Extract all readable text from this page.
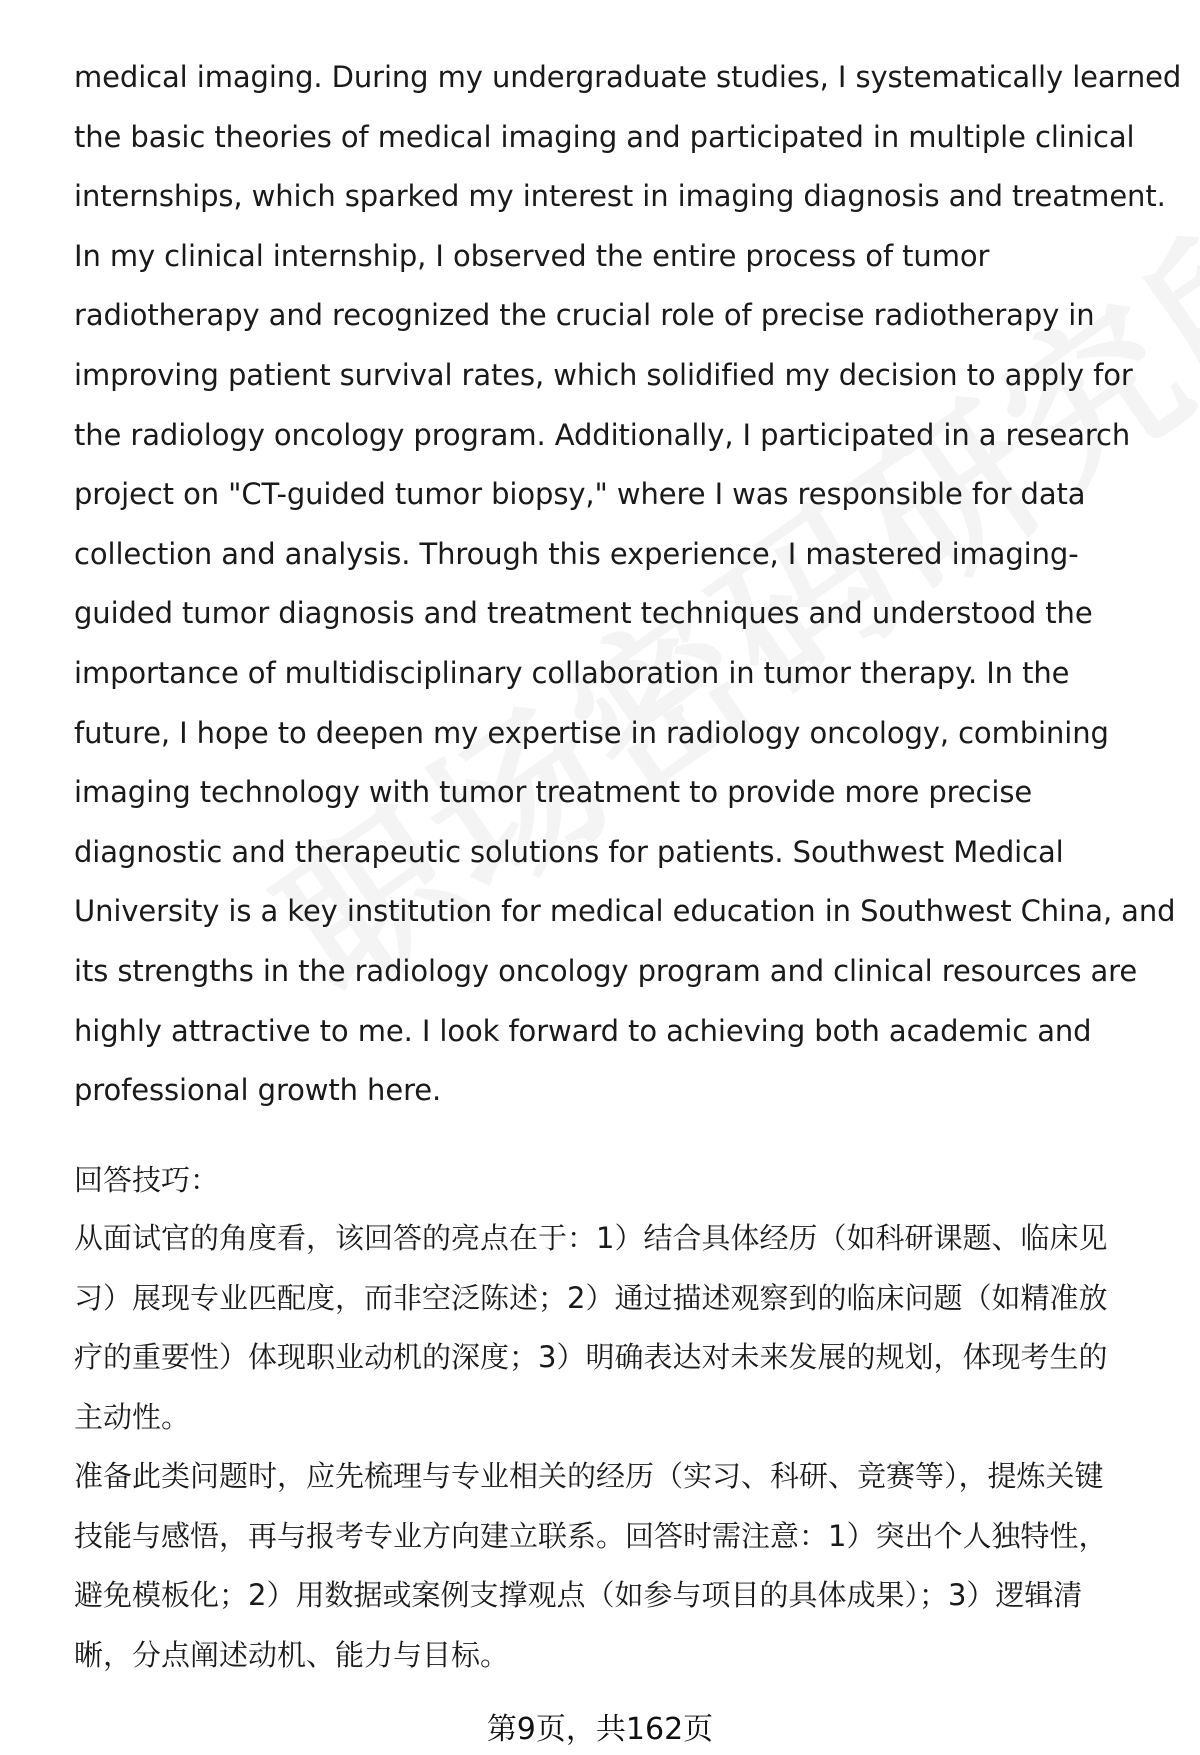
medical imaging. During my undergraduate studies, I systematically learned
the basic theories of medical imaging and participated in multiple clinical
internships, which sparked my interest in imaging diagnosis and treatment.
In my clinical internship, I observed the entire process of tumor
radiotherapy and recognized the crucial role of precise radiotherapy in
improving patient survival rates, which solidified my decision to apply for
the radiology oncology program. Additionally, I participated in a research
project on "CT-guided tumor biopsy," where I was responsible for data
collection and analysis. Through this experience, I mastered imaging-
guided tumor diagnosis and treatment techniques and understood the
importance of multidisciplinary collaboration in tumor therapy. In the
future, I hope to deepen my expertise in radiology oncology, combining
imaging technology with tumor treatment to provide more precise
diagnostic and therapeutic solutions for patients. Southwest Medical
University is a key institution for medical education in Southwest China, and
its strengths in the radiology oncology program and clinical resources are
highly attractive to me. I look forward to achieving both academic and
professional growth here.
回答技巧：
从面试官的角度看，该回答的亮点在于：1）结合具体经历（如科研课题、临床见
习）展现专业匹配度，而非空泛陈述；2）通过描述观察到的临床问题（如精准放
疗的重要性）体现职业动机的深度；3）明确表达对未来发展的规划，体现考生的
主动性。
准备此类问题时，应先梳理与专业相关的经历（实习、科研、竞赛等），提炼关键
技能与感悟，再与报考专业方向建立联系。回答时需注意：1）突出个人独特性，
避免模板化；2）用数据或案例支撑观点（如参与项目的具体成果）；3）逻辑清
晰，分点阐述动机、能力与目标。
第9页，共162页
